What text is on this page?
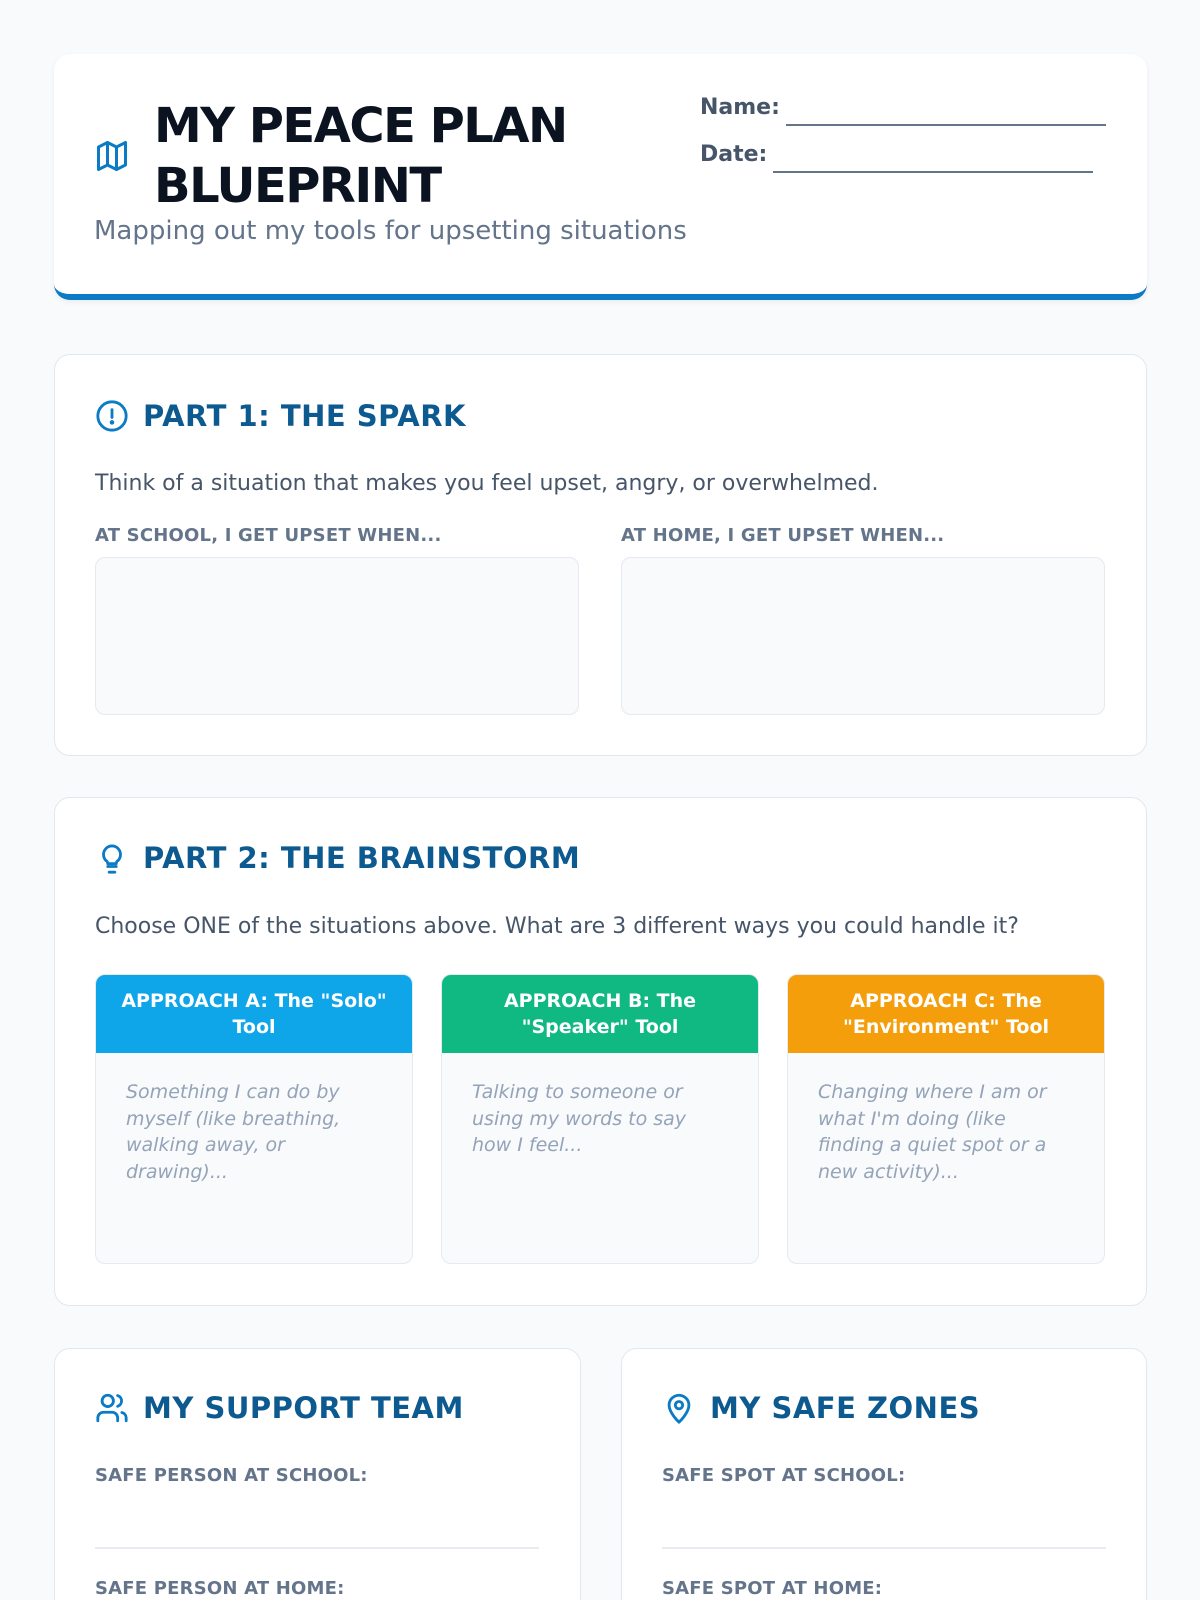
MY PEACE PLAN BLUEPRINT
Mapping out my tools for upsetting situations
Name:
Date:
PART 1: THE SPARK
Think of a situation that makes you feel upset, angry, or overwhelmed.
AT SCHOOL, I GET UPSET WHEN...	AT HOME, I GET UPSET WHEN...
PART 2: THE BRAINSTORM
Choose ONE of the situations above. What are 3 different ways you could handle it?
APPROACH A: The "Solo" Tool
Something I can do by myself (like breathing, walking away, or drawing)...
APPROACH B: The "Speaker" Tool
Talking to someone or using my words to say how I feel...
APPROACH C: The "Environment" Tool
Changing where I am or what I'm doing (like finding a quiet spot or a new activity)...
MY SUPPORT TEAM
SAFE PERSON AT SCHOOL:
SAFE PERSON AT HOME:
MY SAFE ZONES
SAFE SPOT AT SCHOOL:
SAFE SPOT AT HOME:
